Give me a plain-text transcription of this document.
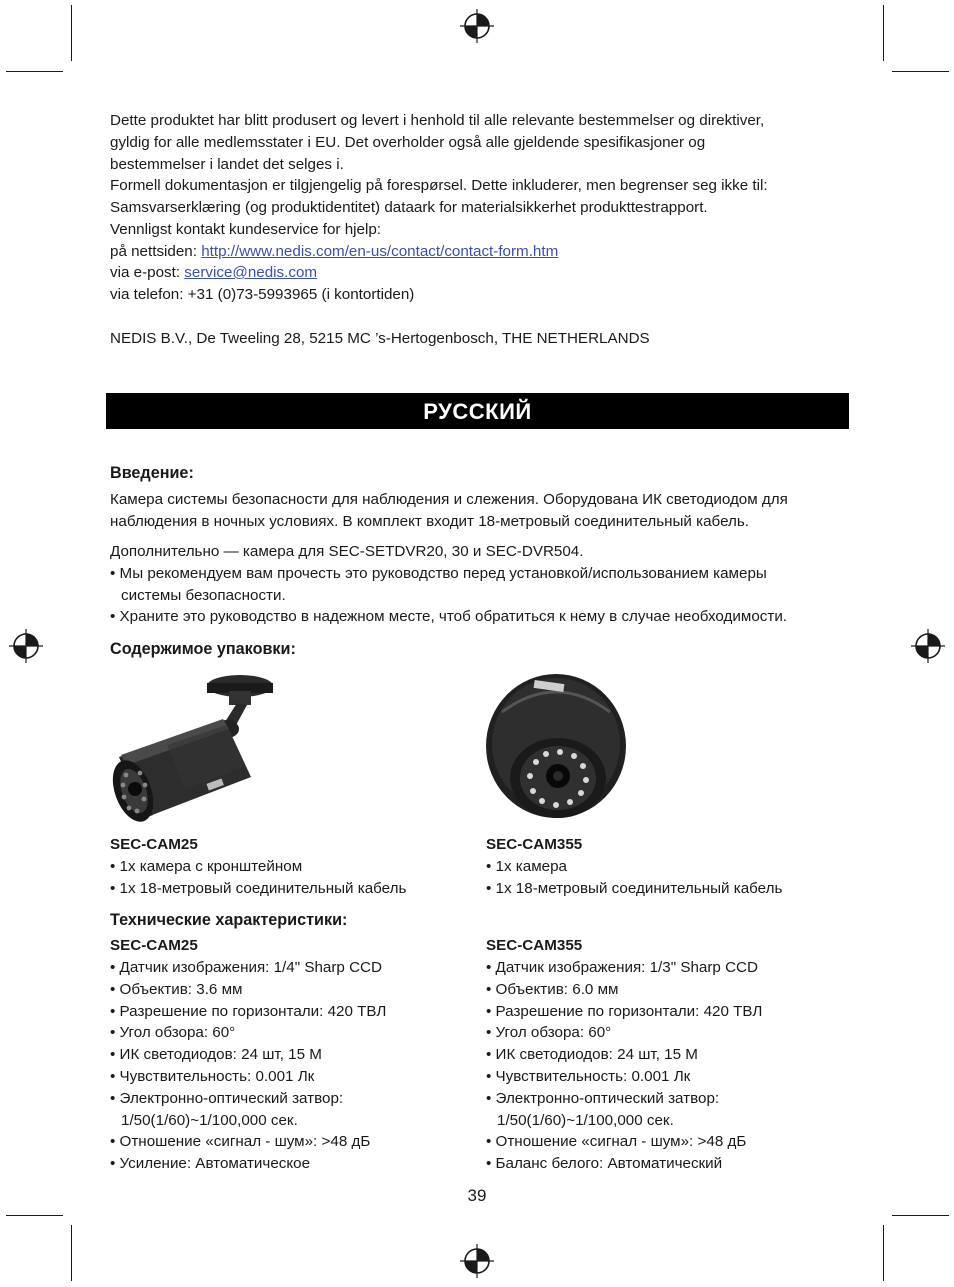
Dette produktet har blitt produsert og levert i henhold til alle relevante bestemmelser og direktiver,
gyldig for alle medlemsstater i EU. Det overholder også alle gjeldende spesifikasjoner og
bestemmelser i landet det selges i.
Formell dokumentasjon er tilgjengelig på forespørsel. Dette inkluderer, men begrenser seg ikke til:
Samsvarserklæring (og produktidentitet) dataark for materialsikkerhet produkttestrapport.
Vennligst kontakt kundeservice for hjelp:
på nettsiden: http://www.nedis.com/en-us/contact/contact-form.htm
via e-post: service@nedis.com
via telefon: +31 (0)73-5993965 (i kontortiden)
NEDIS B.V., De Tweeling 28, 5215 MC ’s-Hertogenbosch, THE NETHERLANDS
РУССКИЙ
Введение:
Камера системы безопасности для наблюдения и слежения. Оборудована ИК светодиодом для
наблюдения в ночных условиях. В комплект входит 18-метровый соединительный кабель.
Дополнительно — камера для SEC-SETDVR20, 30 и SEC-DVR504.
• Мы рекомендуем вам прочесть это руководство перед установкой/использованием камеры
системы безопасности.
• Храните это руководство в надежном месте, чтоб обратиться к нему в случае необходимости.
Содержимое упаковки:
SEC-CAM25
• 1x камера с кронштейном
• 1x 18-метровый соединительный кабель
SEC-CAM355
• 1x камера
• 1x 18-метровый соединительный кабель
Технические характеристики:
SEC-CAM25
• Датчик изображения: 1/4" Sharp CCD
• Объектив: 3.6 мм
• Разрешение по горизонтали: 420 ТВЛ
• Угол обзора: 60°
• ИК светодиодов: 24 шт, 15 М
• Чувствительность: 0.001 Лк
• Электронно-оптический затвор:
1/50(1/60)~1/100,000 сек.
• Отношение «сигнал - шум»: >48 дБ
• Усиление: Автоматическое
SEC-CAM355
• Датчик изображения: 1/3" Sharp CCD
• Объектив: 6.0 мм
• Разрешение по горизонтали: 420 ТВЛ
• Угол обзора: 60°
• ИК светодиодов: 24 шт, 15 М
• Чувствительность: 0.001 Лк
• Электронно-оптический затвор:
1/50(1/60)~1/100,000 сек.
• Отношение «сигнал - шум»: >48 дБ
• Баланс белого: Автоматический
39
